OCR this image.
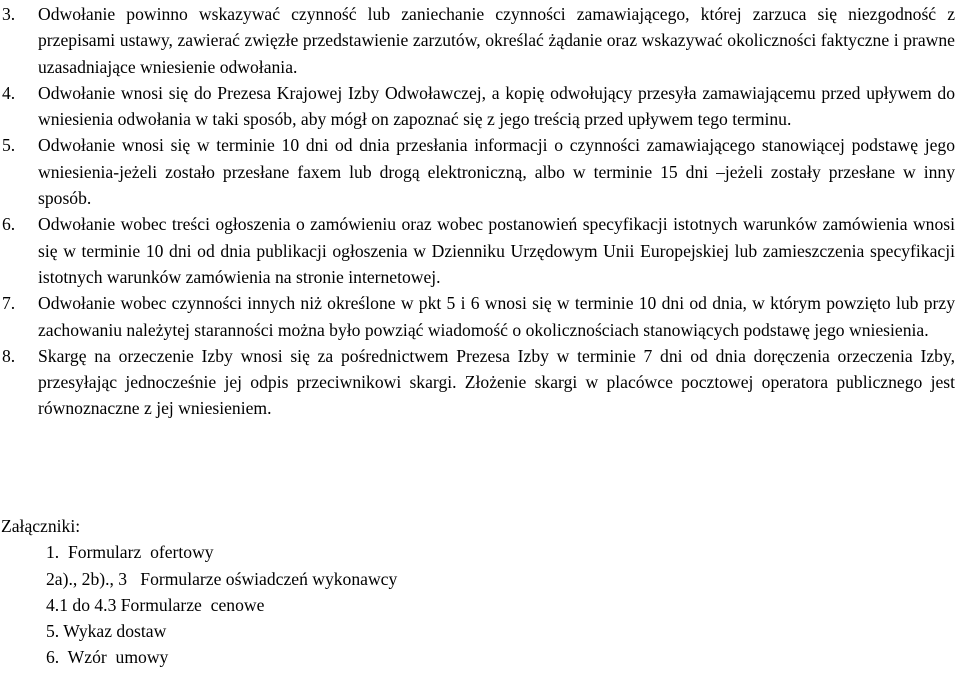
3. Odwołanie powinno wskazywać czynność lub zaniechanie czynności zamawiającego, której zarzuca się niezgodność z przepisami ustawy, zawierać zwięzłe przedstawienie zarzutów, określać żądanie oraz wskazywać okoliczności faktyczne i prawne uzasadniające wniesienie odwołania.
4. Odwołanie wnosi się do Prezesa Krajowej Izby Odwoławczej, a kopię odwołujący przesyła zamawiającemu przed upływem do wniesienia odwołania w taki sposób, aby mógł on zapoznać się z jego treścią przed upływem tego terminu.
5. Odwołanie wnosi się w terminie 10 dni od dnia przesłania informacji o czynności zamawiającego stanowiącej podstawę jego wniesienia-jeżeli zostało przesłane faxem lub drogą elektroniczną, albo w terminie 15 dni –jeżeli zostały przesłane w inny sposób.
6. Odwołanie wobec treści ogłoszenia o zamówieniu oraz wobec postanowień specyfikacji istotnych warunków zamówienia wnosi się w terminie 10 dni od dnia publikacji ogłoszenia w Dzienniku Urzędowym Unii Europejskiej lub zamieszczenia specyfikacji istotnych warunków zamówienia na stronie internetowej.
7. Odwołanie wobec czynności innych niż określone w pkt 5 i 6 wnosi się w terminie 10 dni od dnia, w którym powzięto lub przy zachowaniu należytej staranności można było powziąć wiadomość o okolicznościach stanowiących podstawę jego wniesienia.
8. Skargę na orzeczenie Izby wnosi się za pośrednictwem Prezesa Izby w terminie 7 dni od dnia doręczenia orzeczenia Izby, przesyłając jednocześnie jej odpis przeciwnikowi skargi. Złożenie skargi w placówce pocztowej operatora publicznego jest równoznaczne z jej wniesieniem.
Załączniki:
1.  Formularz  ofertowy
2a)., 2b)., 3   Formularze oświadczeń wykonawcy
4.1 do 4.3 Formularze  cenowe
5. Wykaz dostaw
6.  Wzór  umowy
